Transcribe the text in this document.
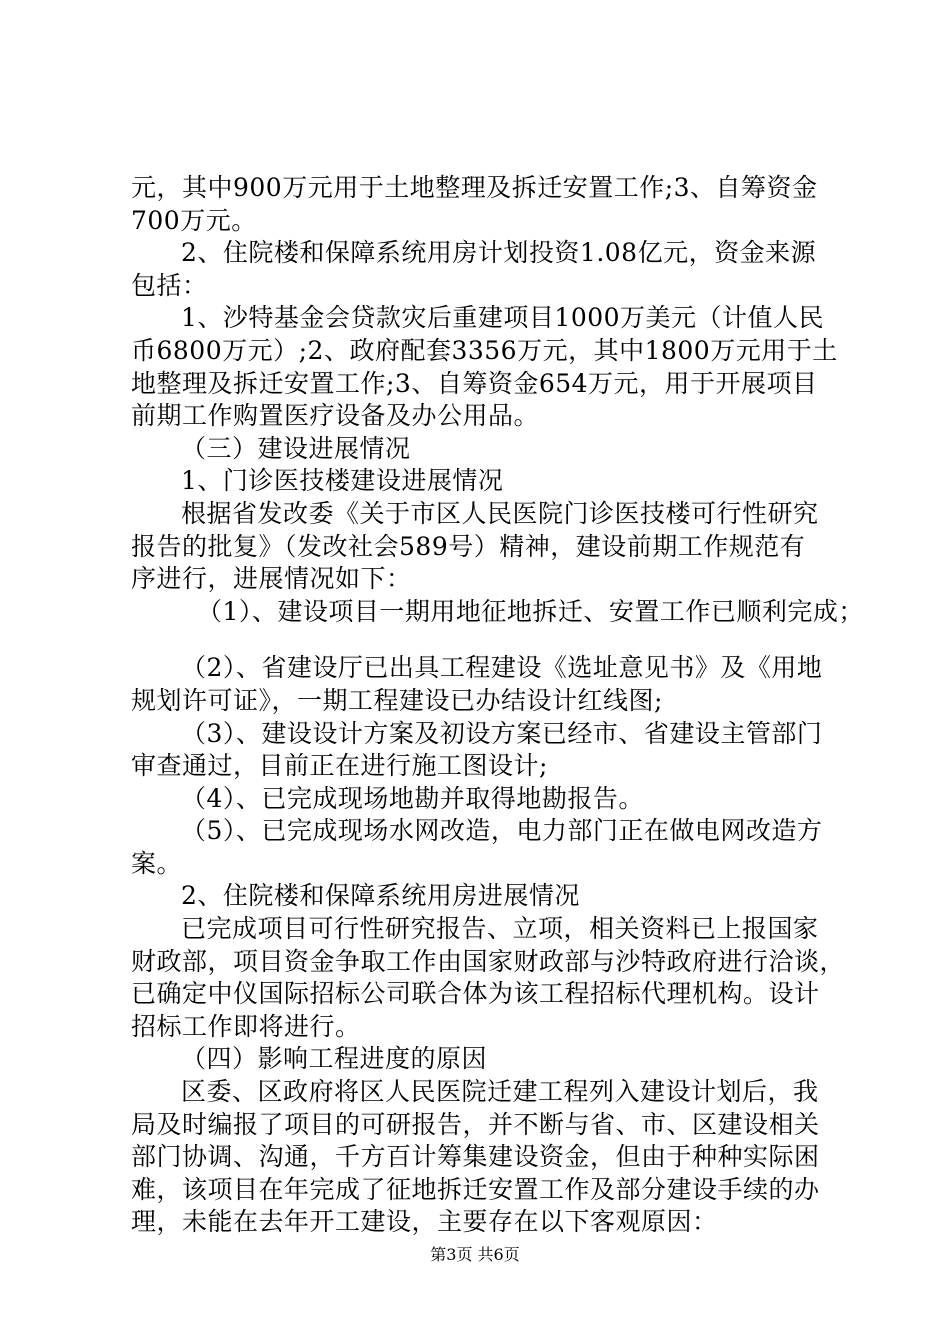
元，其中900万元用于土地整理及拆迁安置工作;3、自筹资金
700万元。
2、住院楼和保障系统用房计划投资1.08亿元，资金来源
包括：
1、沙特基金会贷款灾后重建项目1000万美元（计值人民
币6800万元）;2、政府配套3356万元，其中1800万元用于土
地整理及拆迁安置工作;3、自筹资金654万元，用于开展项目
前期工作购置医疗设备及办公用品。
（三）建设进展情况
1、门诊医技楼建设进展情况
根据省发改委《关于市区人民医院门诊医技楼可行性研究
报告的批复》（发改社会589号）精神，建设前期工作规范有
序进行，进展情况如下：
（1）、建设项目一期用地征地拆迁、安置工作已顺利完成；
（2）、省建设厅已出具工程建设《选址意见书》及《用地
规划许可证》，一期工程建设已办结设计红线图;
（3）、建设设计方案及初设方案已经市、省建设主管部门
审查通过，目前正在进行施工图设计;
（4）、已完成现场地勘并取得地勘报告。
（5）、已完成现场水网改造，电力部门正在做电网改造方
案。
2、住院楼和保障系统用房进展情况
已完成项目可行性研究报告、立项，相关资料已上报国家
财政部，项目资金争取工作由国家财政部与沙特政府进行洽谈，
已确定中仪国际招标公司联合体为该工程招标代理机构。设计
招标工作即将进行。
（四）影响工程进度的原因
区委、区政府将区人民医院迁建工程列入建设计划后，我
局及时编报了项目的可研报告，并不断与省、市、区建设相关
部门协调、沟通，千方百计筹集建设资金，但由于种种实际困
难，该项目在年完成了征地拆迁安置工作及部分建设手续的办
理，未能在去年开工建设，主要存在以下客观原因：
第3页 共6页
